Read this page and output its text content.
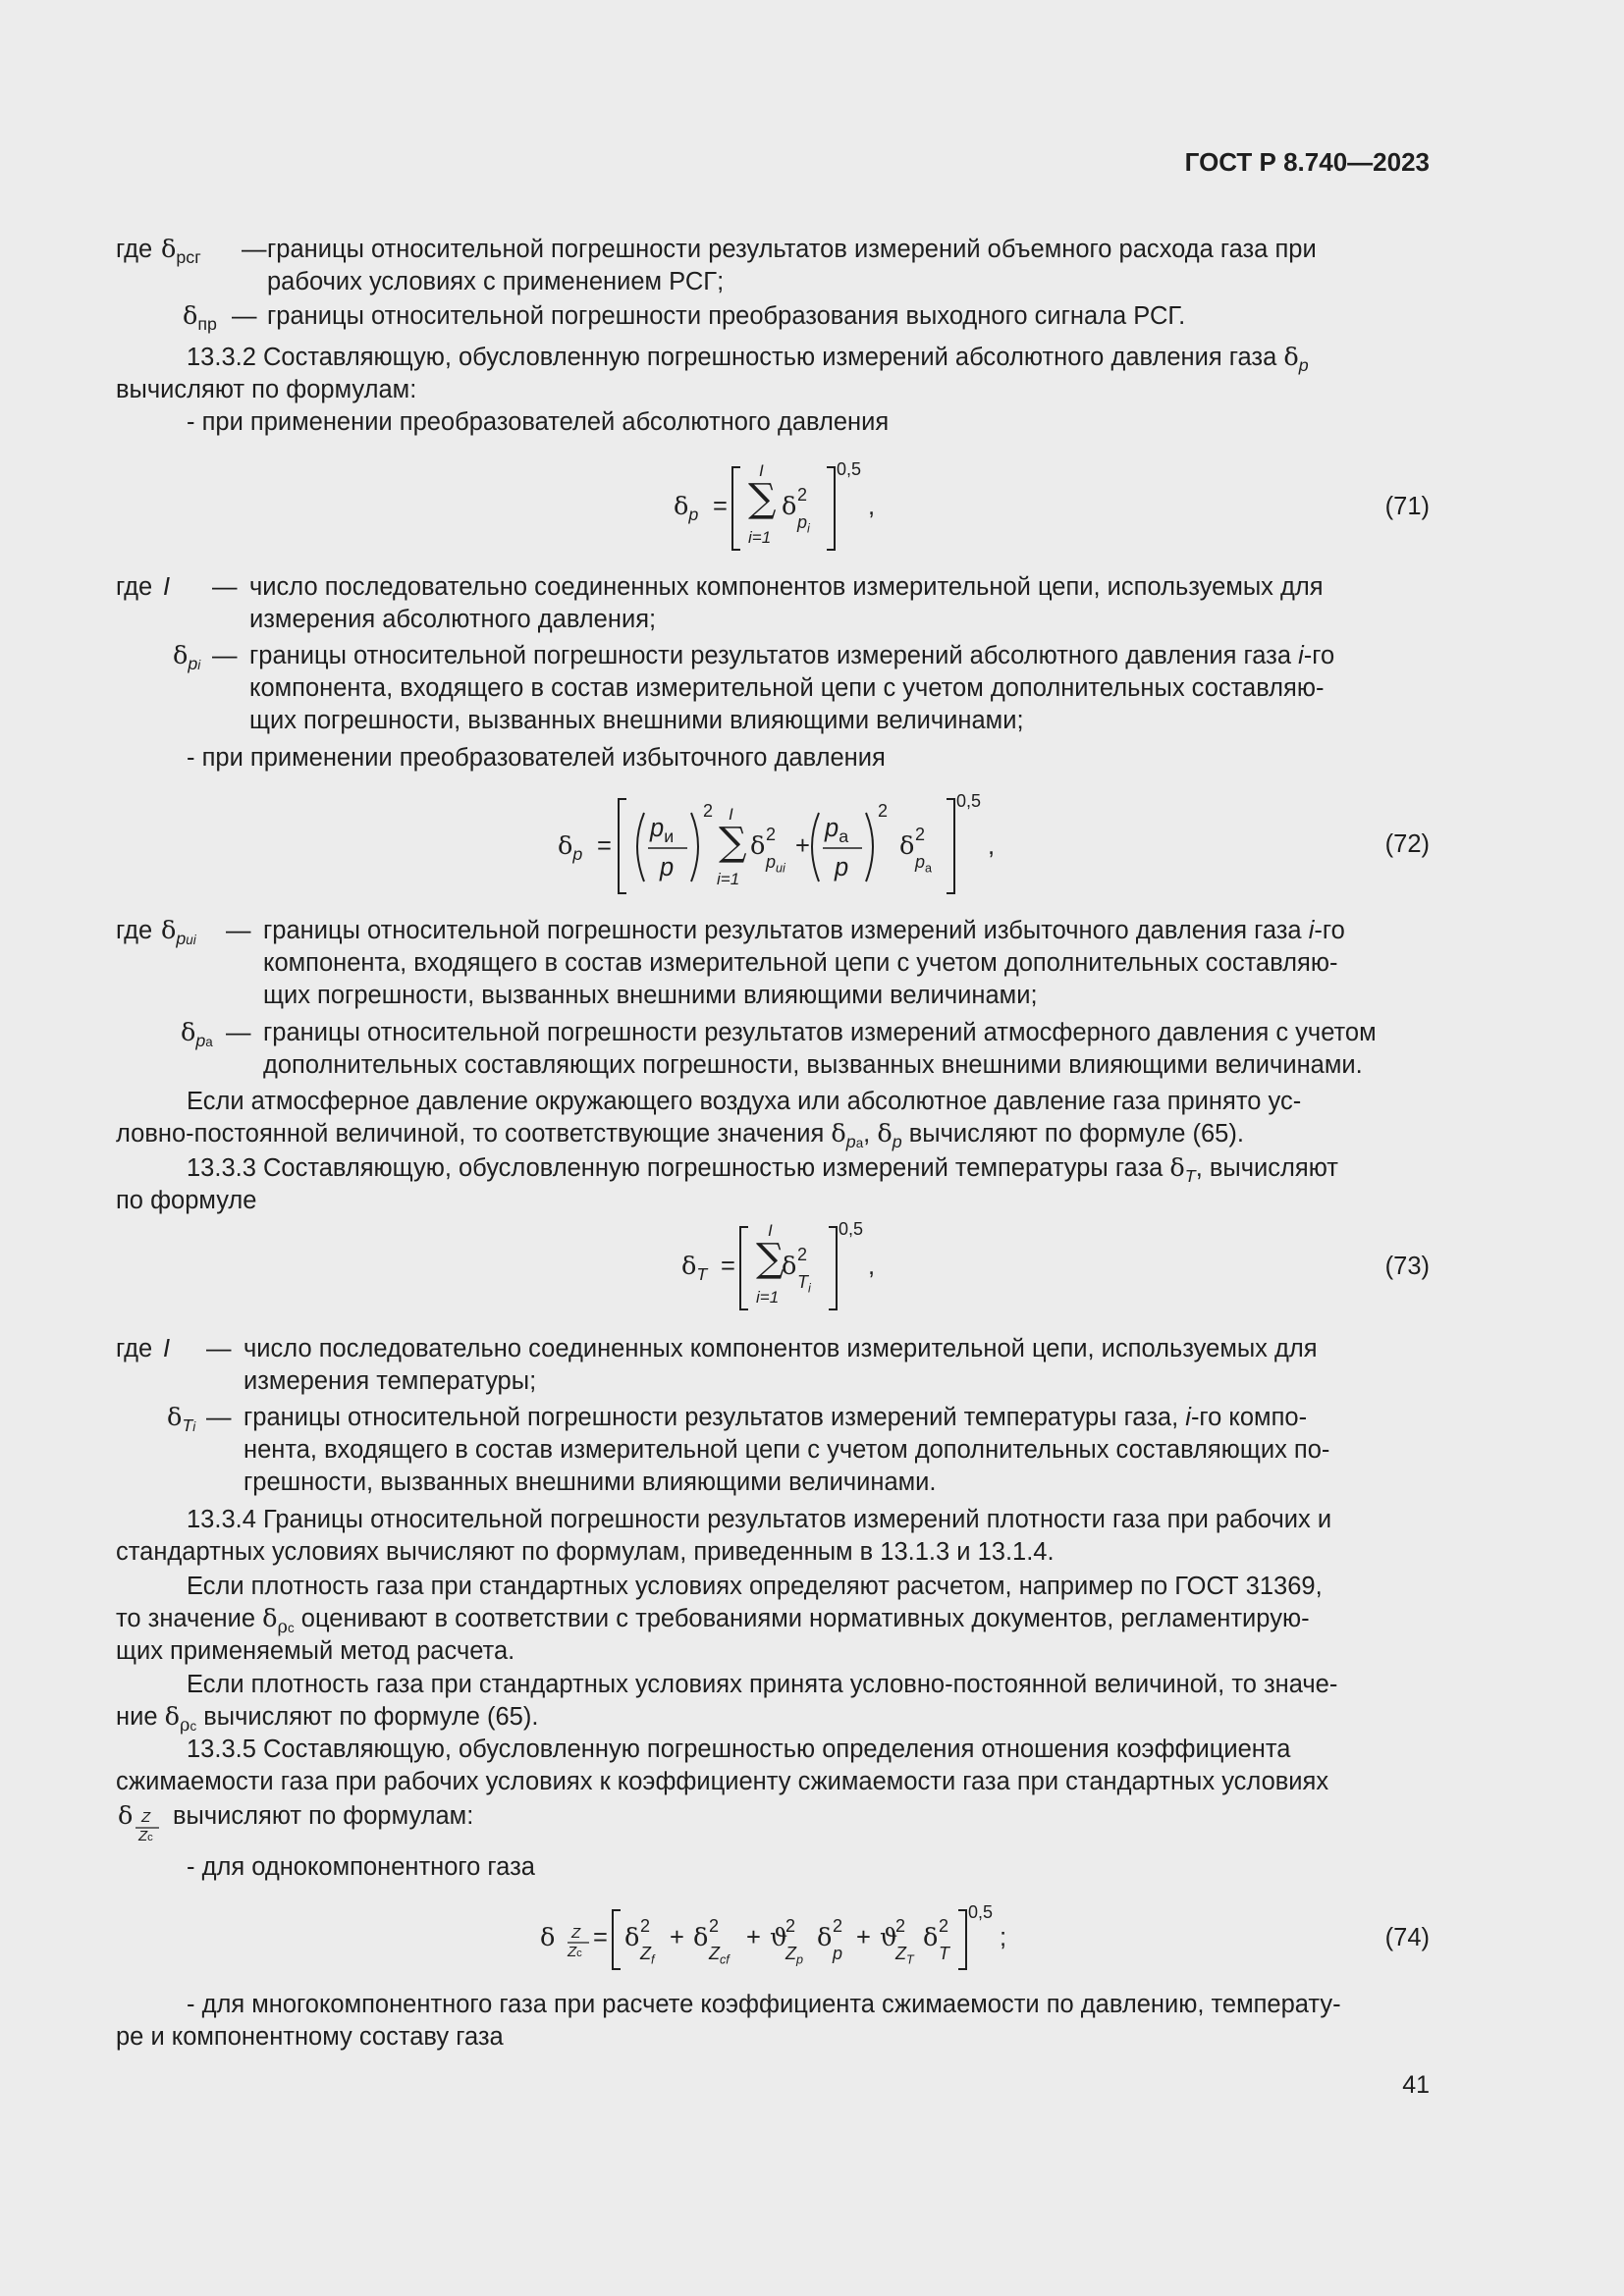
ГОСТ Р 8.740—2023
где $\delta_{рсг}$ — границы относительной погрешности результатов измерений объемного расхода газа при
рабочих условиях с применением РСГ;
$\delta_{пр}$ — границы относительной погрешности преобразования выходного сигнала РСГ.
13.3.2 Составляющую, обусловленную погрешностью измерений абсолютного давления газа $\delta_p$
вычисляют по формулам:
- при применении преобразователей абсолютного давления
$\delta_p$ =
I
∑
i=1
δ 2
$p_i$
0,5
,	(71)
где I — число последовательно соединенных компонентов измерительной цепи, используемых для
измерения абсолютного давления;
$\delta_{pi}$ — границы относительной погрешности результатов измерений абсолютного давления газа i-го
компонента, входящего в состав измерительной цепи с учетом дополнительных составляю-
щих погрешности, вызванных внешними влияющими величинами;
- при применении преобразователей избыточного давления
$\delta_p$ =
$p_и$
p
2 I
∑
i=1
δ 2
$p_{иi}$
+
$p_a$
p
2
δ 2
$p_a$
0,5
,	(72)
где $\delta_{pиi}$ — границы относительной погрешности результатов измерений избыточного давления газа i-го
компонента, входящего в состав измерительной цепи с учетом дополнительных составляю-
щих погрешности, вызванных внешними влияющими величинами;
$\delta_{pa}$ — границы относительной погрешности результатов измерений атмосферного давления с учетом
дополнительных составляющих погрешности, вызванных внешними влияющими величинами.
Если атмосферное давление окружающего воздуха или абсолютное давление газа принято ус-
ловно-постоянной величиной, то соответствующие значения $\delta_{pa}$, $\delta_p$ вычисляют по формуле (65).
13.3.3 Составляющую, обусловленную погрешностью измерений температуры газа $\delta_T$, вычисляют
по формуле
$\delta_T$ =
I
∑
i=1
δ 2
$T_i$
0,5
,	(73)
где I — число последовательно соединенных компонентов измерительной цепи, используемых для
измерения температуры;
$\delta_{Ti}$ — границы относительной погрешности результатов измерений температуры газа, i-го компо-
нента, входящего в состав измерительной цепи с учетом дополнительных составляющих по-
грешности, вызванных внешними влияющими величинами.
13.3.4 Границы относительной погрешности результатов измерений плотности газа при рабочих и
стандартных условиях вычисляют по формулам, приведенным в 13.1.3 и 13.1.4.
Если плотность газа при стандартных условиях определяют расчетом, например по ГОСТ 31369,
то значение $\delta_{\rho c}$ оценивают в соответствии с требованиями нормативных документов, регламентирую-
щих применяемый метод расчета.
Если плотность газа при стандартных условиях принята условно-постоянной величиной, то значе-
ние $\delta_{\rho c}$ вычисляют по формуле (65).
13.3.5 Составляющую, обусловленную погрешностью определения отношения коэффициента
сжимаемости газа при рабочих условиях к коэффициенту сжимаемости газа при стандартных условиях
δ Z
Zc
вычисляют по формулам:
- для однокомпонентного газа
δ Z
Zc
= δ 2
$Z_f$
+ δ 2
$Z_{cf}$
+ ϑ
2
$Z_p$
δ 2
p
+ ϑ
2
$Z_T$
δ 2
T
0,5
;	(74)
- для многокомпонентного газа при расчете коэффициента сжимаемости по давлению, температу-
ре и компонентному составу газа
41
